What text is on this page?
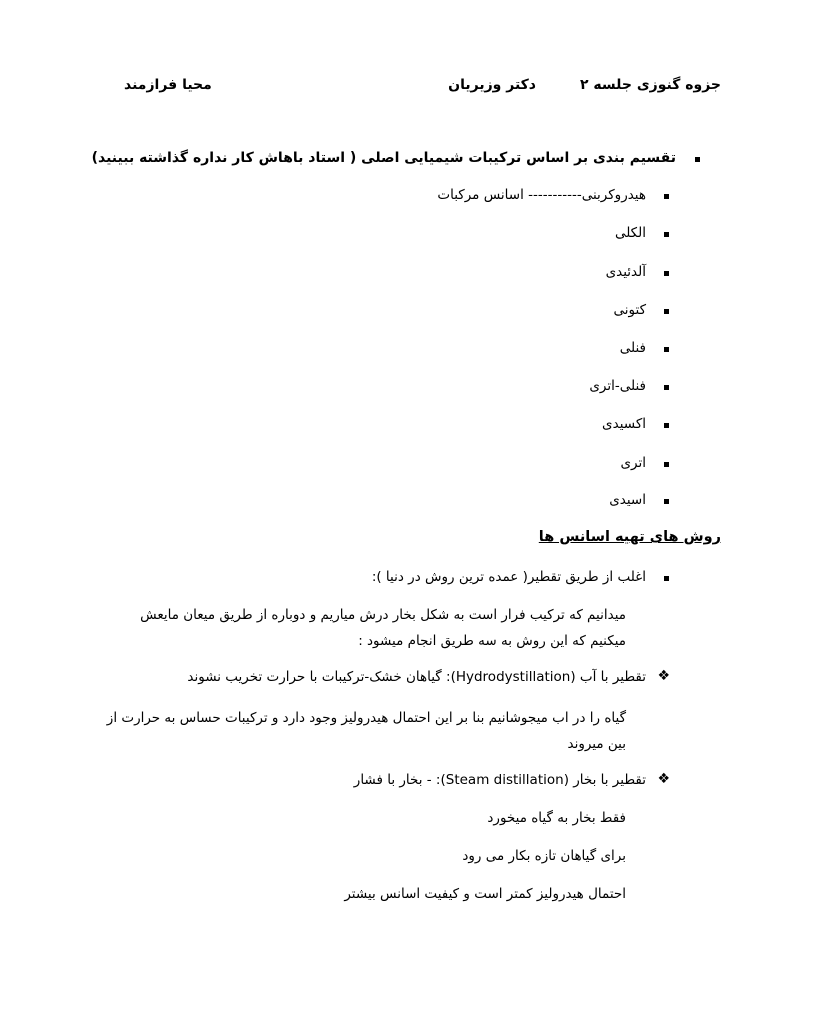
جزوه گنوزی جلسه ۲
دکتر وزیریان
محیا فرازمند
تقسیم بندی بر اساس ترکیبات شیمیایی اصلی ( استاد باهاش کار نداره گذاشته ببینید)
هیدروکربنی----------- اسانس مرکبات
الکلی
آلدئیدی
کتونی
فنلی
فنلی-اتری
اکسیدی
اتری
اسیدی
روش های تهیه اسانس ها
اغلب از طریق تقطیر( عمده ترین روش در دنیا ):
میدانیم که ترکیب فرار است به شکل بخار درش میاریم و دوباره از طریق میعان مایعش میکنیم که این روش به سه طریق انجام میشود :
❖
تقطیر با آب (Hydrodystillation): گیاهان خشک-ترکیبات با حرارت تخریب نشوند
گیاه را در اب میجوشانیم بنا بر این احتمال هیدرولیز وجود دارد و ترکیبات حساس به حرارت از بین میروند
❖
تقطیر با بخار (Steam distillation): - بخار با فشار
فقط بخار به گیاه میخورد
برای گیاهان تازه بکار می رود
احتمال هیدرولیز کمتر است و کیفیت اسانس بیشتر
